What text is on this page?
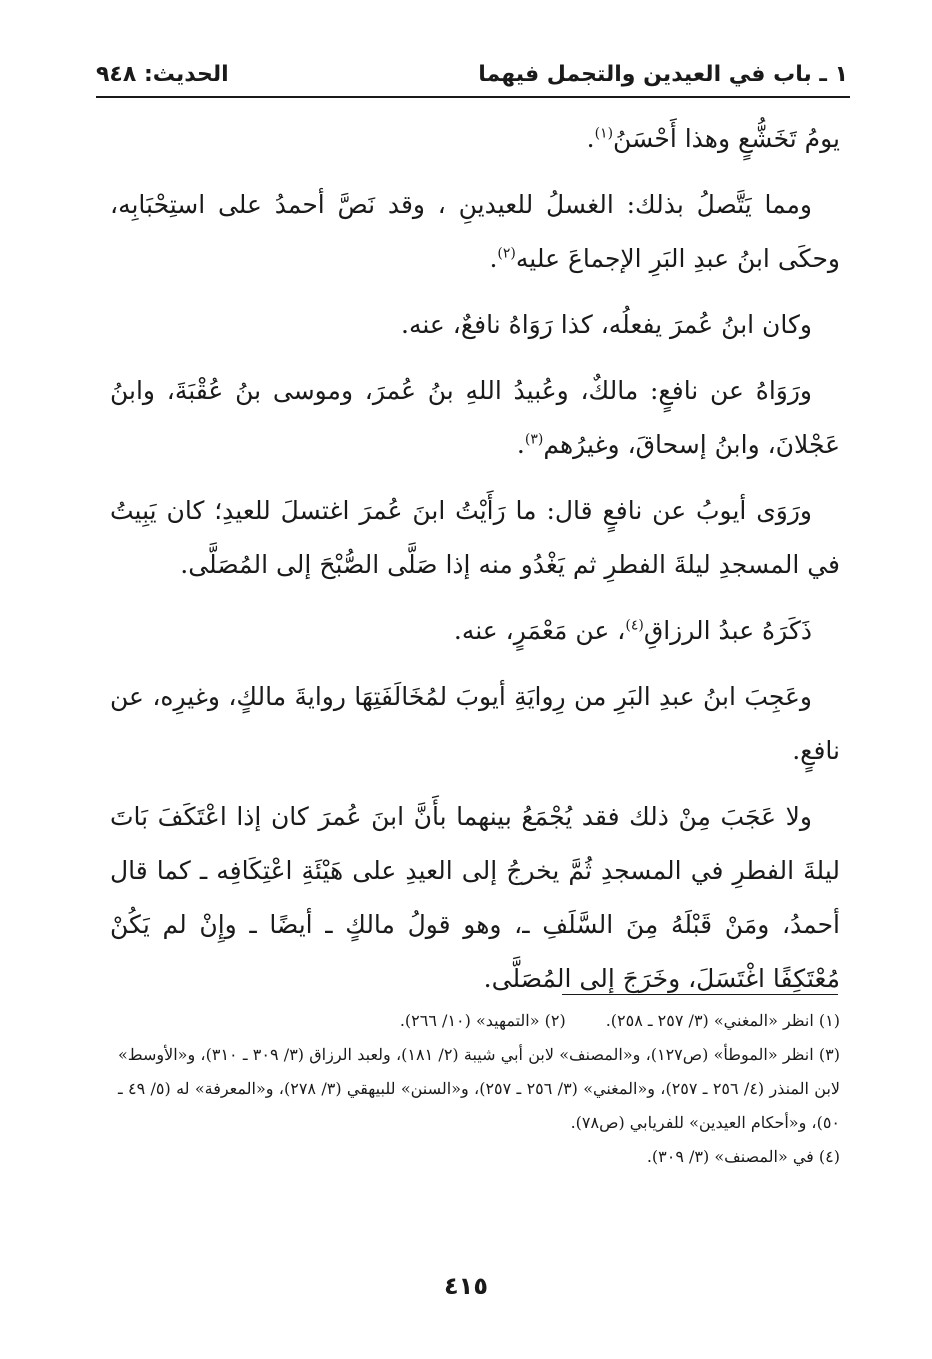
١ ـ باب في العيدين والتجمل فيهما
الحديث: ٩٤٨

يومُ تَخَشُّعٍ وهذا أَحْسَنُ$^{(١)}$.

ومما يَتَّصلُ بذلك: الغسلُ للعيدينِ ، وقد نَصَّ أحمدُ على استِحْبَابِه، وحكَى ابنُ عبدِ البَرِ الإجماعَ عليه$^{(٢)}$.

وكان ابنُ عُمرَ يفعلُه، كذا رَوَاهُ نافعٌ، عنه.

ورَوَاهُ عن نافعٍ: مالكٌ، وعُبيدُ اللهِ بنُ عُمرَ، وموسى بنُ عُقْبَةَ، وابنُ عَجْلانَ، وابنُ إسحاقَ، وغيرُهم$^{(٣)}$.

ورَوَى أيوبُ عن نافعٍ قال: ما رَأَيْتُ ابنَ عُمرَ اغتسلَ للعيدِ؛ كان يَبِيتُ في المسجدِ ليلةَ الفطرِ ثم يَغْدُو منه إذا صَلَّى الصُّبْحَ إلى المُصَلَّى.

ذَكَرَهُ عبدُ الرزاقِ$^{(٤)}$، عن مَعْمَرٍ، عنه.

وعَجِبَ ابنُ عبدِ البَرِ من رِوايَةِ أيوبَ لمُخَالَفَتِهَا روايةَ مالكٍ، وغيرِه، عن نافعٍ.

ولا عَجَبَ مِنْ ذلك فقد يُجْمَعُ بينهما بأَنَّ ابنَ عُمرَ كان إذا اعْتَكَفَ بَاتَ ليلةَ الفطرِ في المسجدِ ثُمَّ يخرجُ إلى العيدِ على هَيْئَةِ اعْتِكَافِه ـ كما قال أحمدُ، ومَنْ قَبْلَهُ مِنَ السَّلَفِ ـ، وهو قولُ مالكٍ ـ أيضًا ـ وإِنْ لم يَكُنْ مُعْتَكِفًا اغْتَسَلَ، وخَرَجَ إلى المُصَلَّى.

(١) انظر «المغني» (٣/ ٢٥٧ ـ ٢٥٨).

(٢) «التمهيد» (١٠/ ٢٦٦).

(٣) انظر «الموطأ» (ص١٢٧)، و«المصنف» لابن أبي شيبة (٢/ ١٨١)، ولعبد الرزاق (٣/ ٣٠٩ ـ ٣١٠)، و«الأوسط» لابن المنذر (٤/ ٢٥٦ ـ ٢٥٧)، و«المغني» (٣/ ٢٥٦ ـ ٢٥٧)، و«السنن» للبيهقي (٣/ ٢٧٨)، و«المعرفة» له (٥/ ٤٩ ـ ٥٠)، و«أحكام العيدين» للفريابي (ص٧٨).

(٤) في «المصنف» (٣/ ٣٠٩).

٤١٥
